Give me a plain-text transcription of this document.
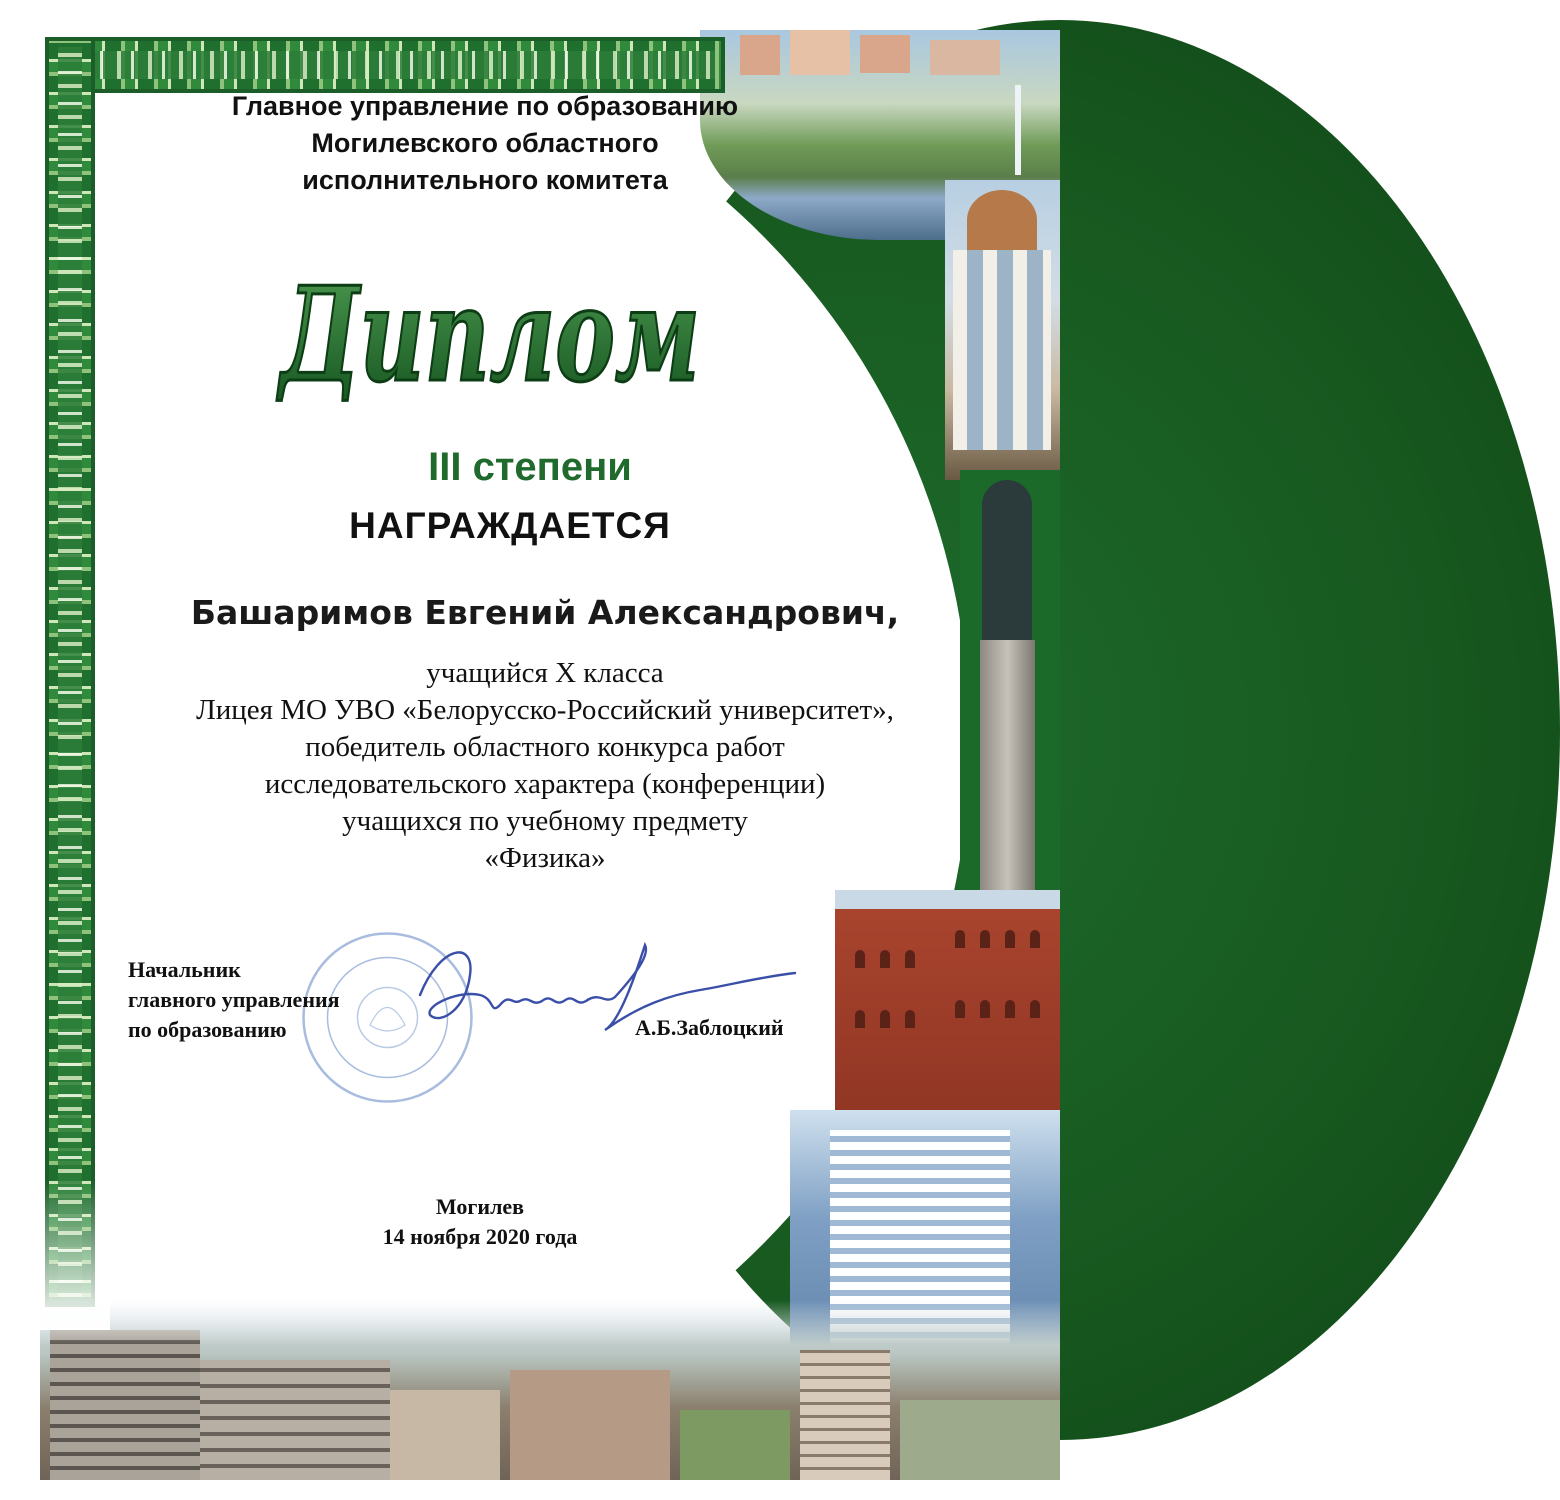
Главное управление по образованию
Могилевского областного
исполнительного комитета
Диплом
III степени
НАГРАЖДАЕТСЯ
Башаримов Евгений Александрович,
учащийся X класса
Лицея МО УВО «Белорусско-Российский университет»,
победитель областного конкурса работ
исследовательского характера (конференции)
учащихся по учебному предмету
«Физика»
Начальник
главного управления
по образованию	А.Б.Заблоцкий
Могилев
14 ноября 2020 года
